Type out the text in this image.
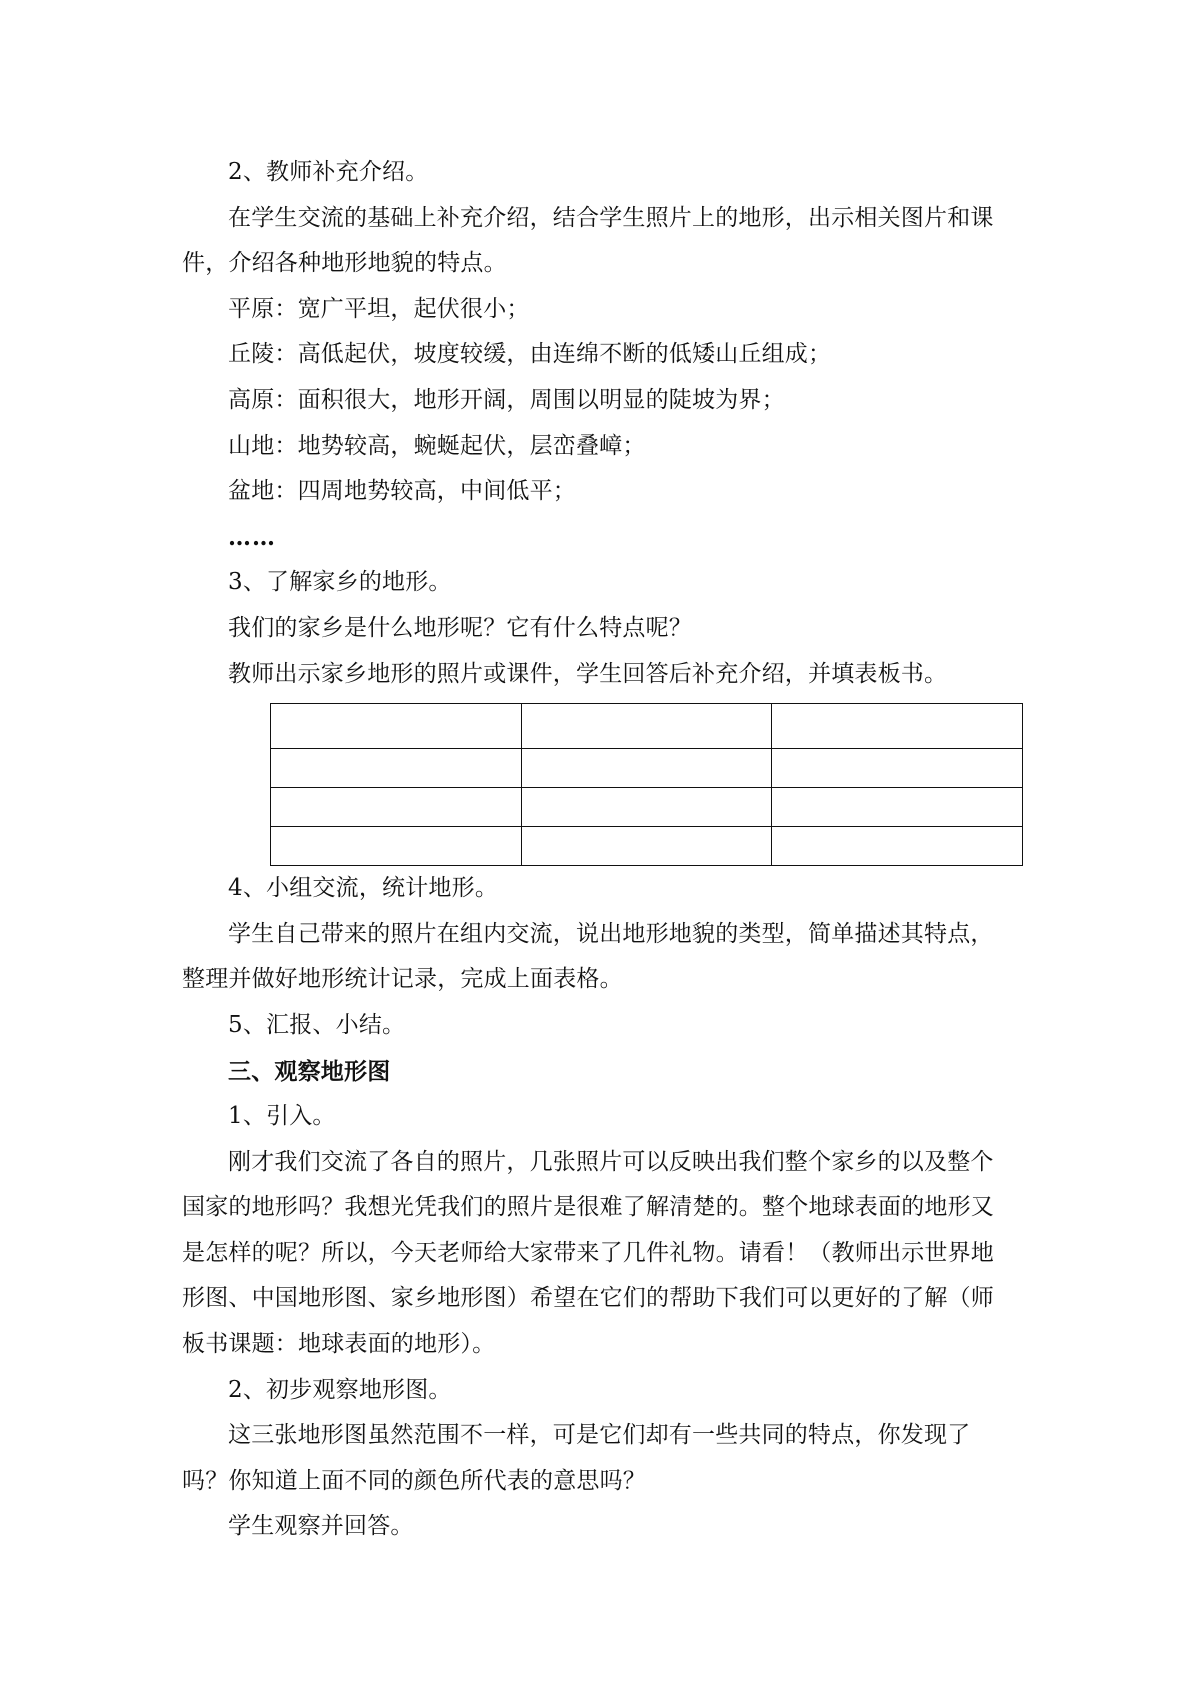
2、教师补充介绍。

在学生交流的基础上补充介绍，结合学生照片上的地形，出示相关图片和课件，介绍各种地形地貌的特点。

平原：宽广平坦，起伏很小；

丘陵：高低起伏，坡度较缓，由连绵不断的低矮山丘组成；

高原：面积很大，地形开阔，周围以明显的陡坡为界；

山地：地势较高，蜿蜒起伏，层峦叠嶂；

盆地：四周地势较高，中间低平；

……

3、了解家乡的地形。

我们的家乡是什么地形呢？它有什么特点呢？

教师出示家乡地形的照片或课件，学生回答后补充介绍，并填表板书。

4、小组交流，统计地形。

学生自己带来的照片在组内交流，说出地形地貌的类型，简单描述其特点，整理并做好地形统计记录，完成上面表格。

5、汇报、小结。

三、观察地形图

1、引入。

刚才我们交流了各自的照片，几张照片可以反映出我们整个家乡的以及整个国家的地形吗？我想光凭我们的照片是很难了解清楚的。整个地球表面的地形又是怎样的呢？所以，今天老师给大家带来了几件礼物。请看！（教师出示世界地形图、中国地形图、家乡地形图）希望在它们的帮助下我们可以更好的了解（师板书课题：地球表面的地形）。

2、初步观察地形图。

这三张地形图虽然范围不一样，可是它们却有一些共同的特点，你发现了吗？你知道上面不同的颜色所代表的意思吗？

学生观察并回答。
